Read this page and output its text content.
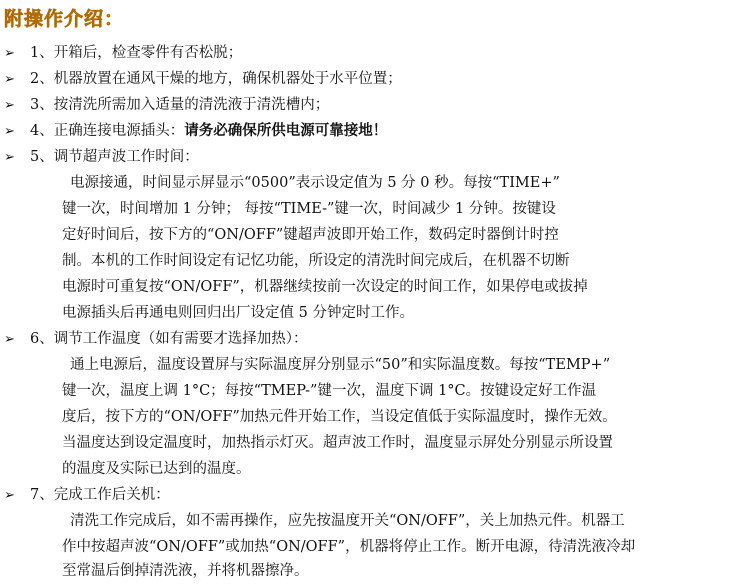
附操作介绍：
➢ 1、开箱后，检查零件有否松脱；
➢ 2、机器放置在通风干燥的地方，确保机器处于水平位置；
➢ 3、按清洗所需加入适量的清洗液于清洗槽内；
➢ 4、正确连接电源插头：请务必确保所供电源可靠接地！
➢ 5、调节超声波工作时间：
电源接通，时间显示屏显示“0500”表示设定值为 5 分 0 秒。每按“TIME+”
键一次，时间增加 1 分钟； 每按“TIME-”键一次，时间减少 1 分钟。按键设
定好时间后，按下方的“ON/OFF”键超声波即开始工作，数码定时器倒计时控
制。本机的工作时间设定有记忆功能，所设定的清洗时间完成后，在机器不切断
电源时可重复按“ON/OFF”，机器继续按前一次设定的时间工作，如果停电或拔掉
电源插头后再通电则回归出厂设定值 5 分钟定时工作。
➢ 6、调节工作温度（如有需要才选择加热）：
通上电源后，温度设置屏与实际温度屏分别显示“50”和实际温度数。每按“TEMP+”
键一次，温度上调 1°C；每按“TMEP-”键一次，温度下调 1°C。按键设定好工作温
度后，按下方的“ON/OFF”加热元件开始工作，当设定值低于实际温度时，操作无效。
当温度达到设定温度时，加热指示灯灭。超声波工作时，温度显示屏处分别显示所设置
的温度及实际已达到的温度。
➢ 7、完成工作后关机：
清洗工作完成后，如不需再操作，应先按温度开关“ON/OFF”，关上加热元件。机器工
作中按超声波“ON/OFF”或加热“ON/OFF”，机器将停止工作。断开电源，待清洗液冷却
至常温后倒掉清洗液，并将机器擦净。
